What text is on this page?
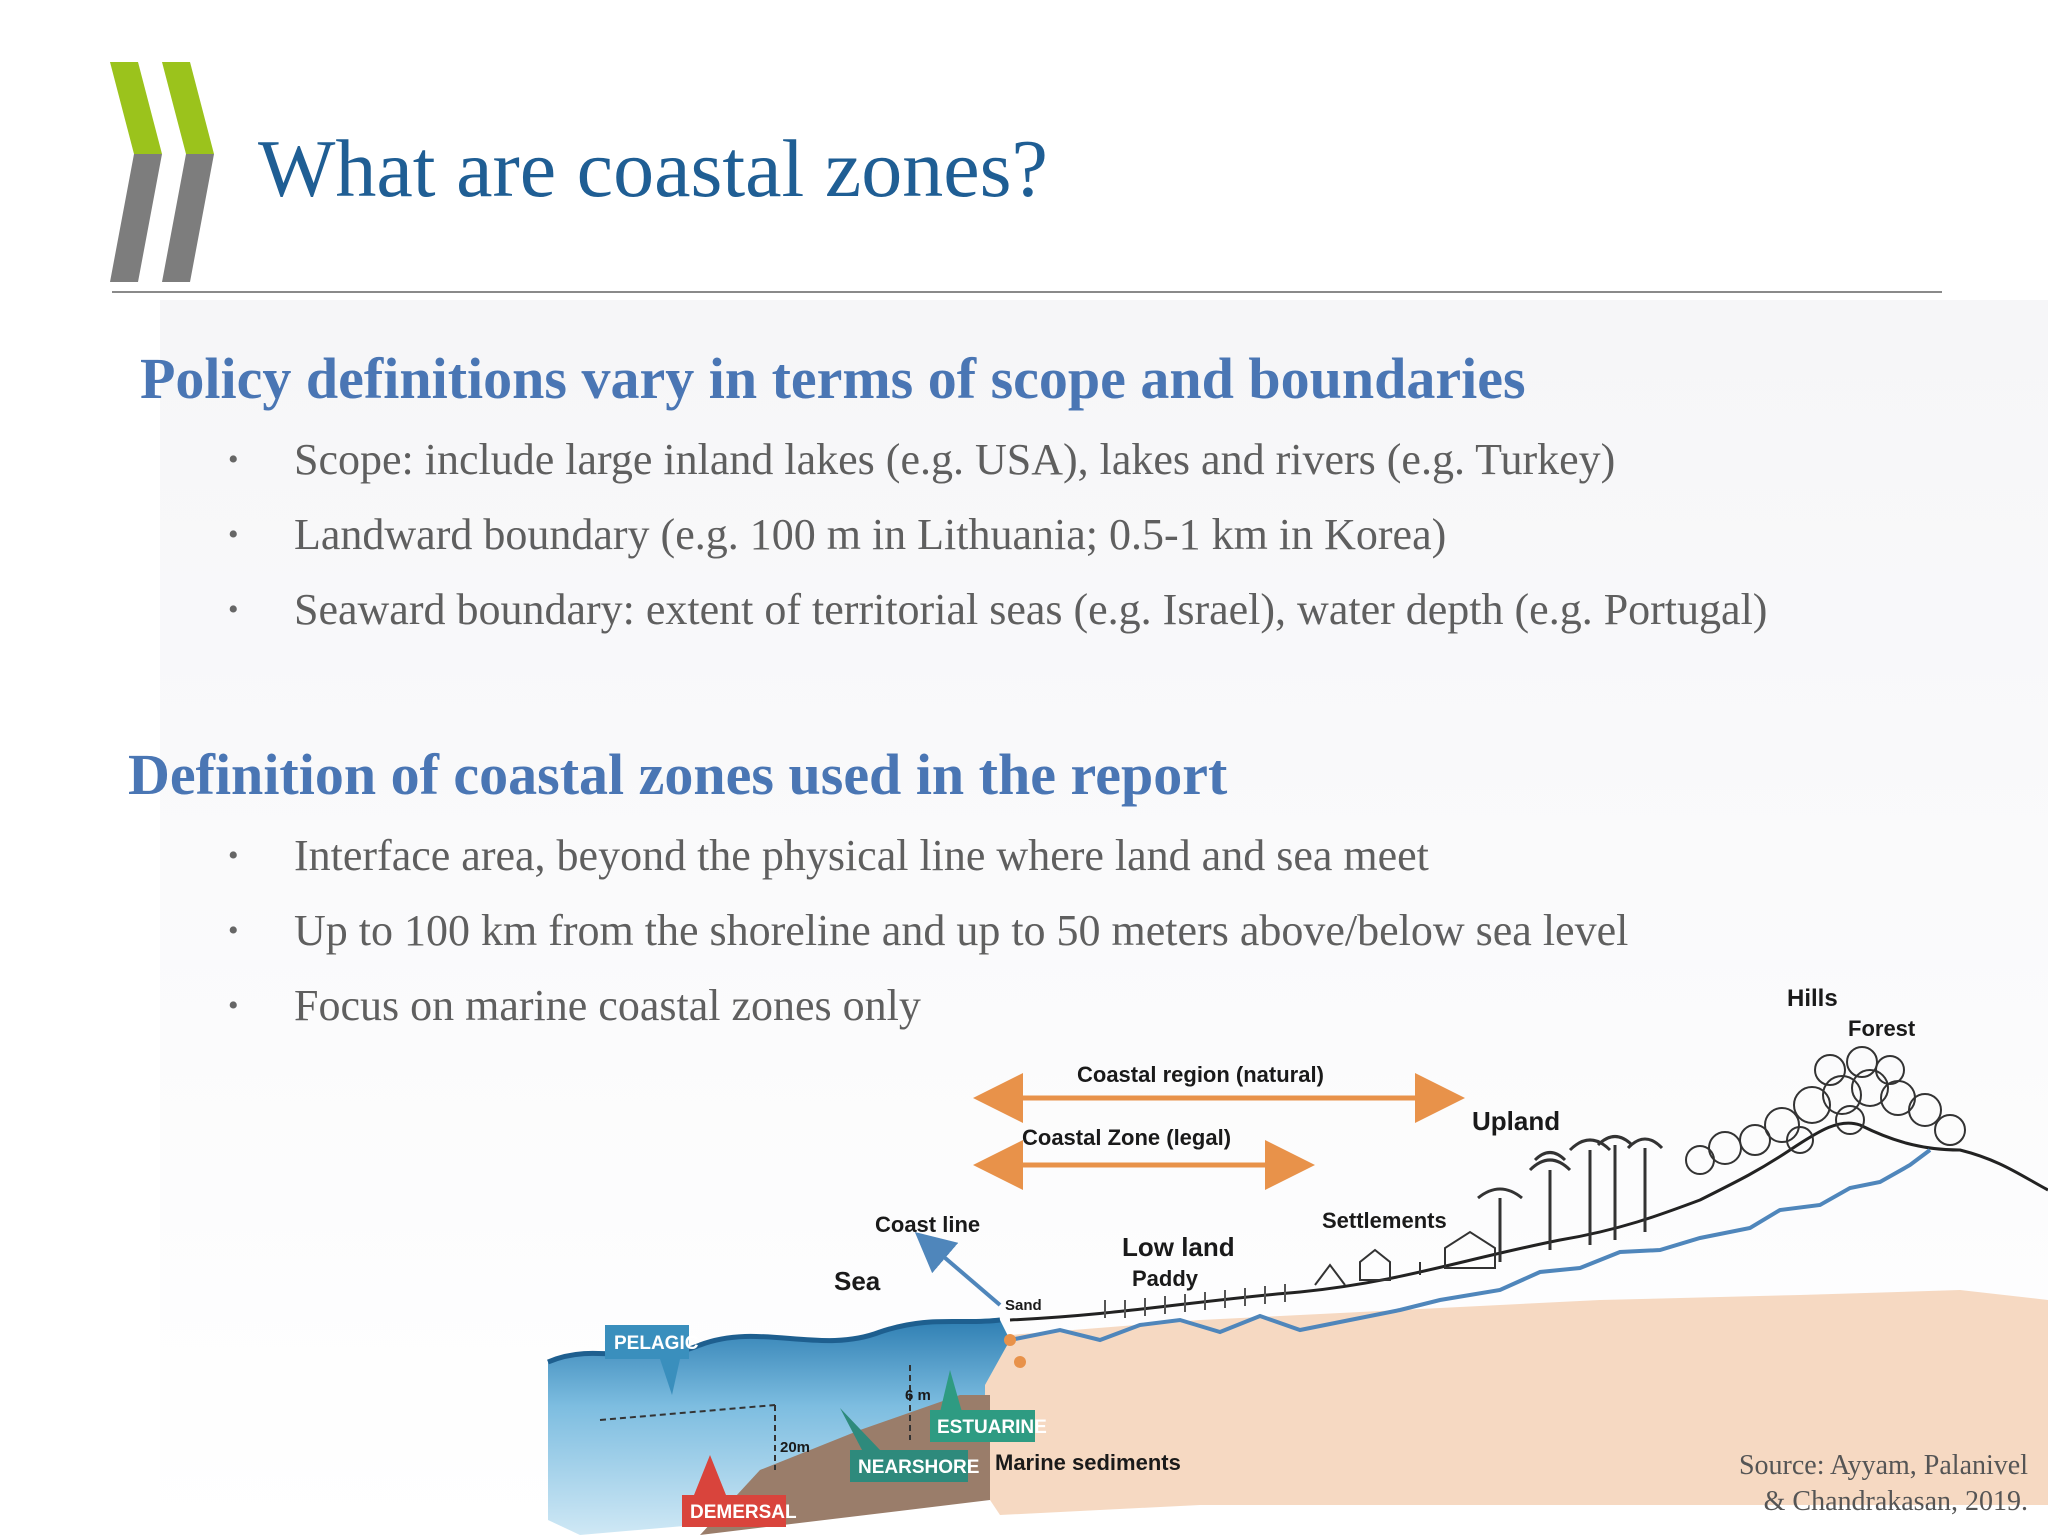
What are coastal zones?
Policy definitions vary in terms of scope and boundaries
• Scope: include large inland lakes (e.g. USA), lakes and rivers (e.g. Turkey)
• Landward boundary (e.g. 100 m in Lithuania; 0.5-1 km in Korea)
• Seaward boundary: extent of territorial seas (e.g. Israel), water depth (e.g. Portugal)
Definition of coastal zones used in the report
• Interface area, beyond the physical line where land and sea meet
• Up to 100 km from the shoreline and up to 50 meters above/below sea level
• Focus on marine coastal zones only
6 m
20m
Hills
Forest
Coastal region (natural)
Coastal Zone (legal)
Upland
Coast line	Settlements
Low land
Paddy
Sea
Sand
Marine sediments
PELAGIC
ESTUARINE
NEARSHORE
DEMERSAL
Source: Ayyam, Palanivel
& Chandrakasan, 2019.
